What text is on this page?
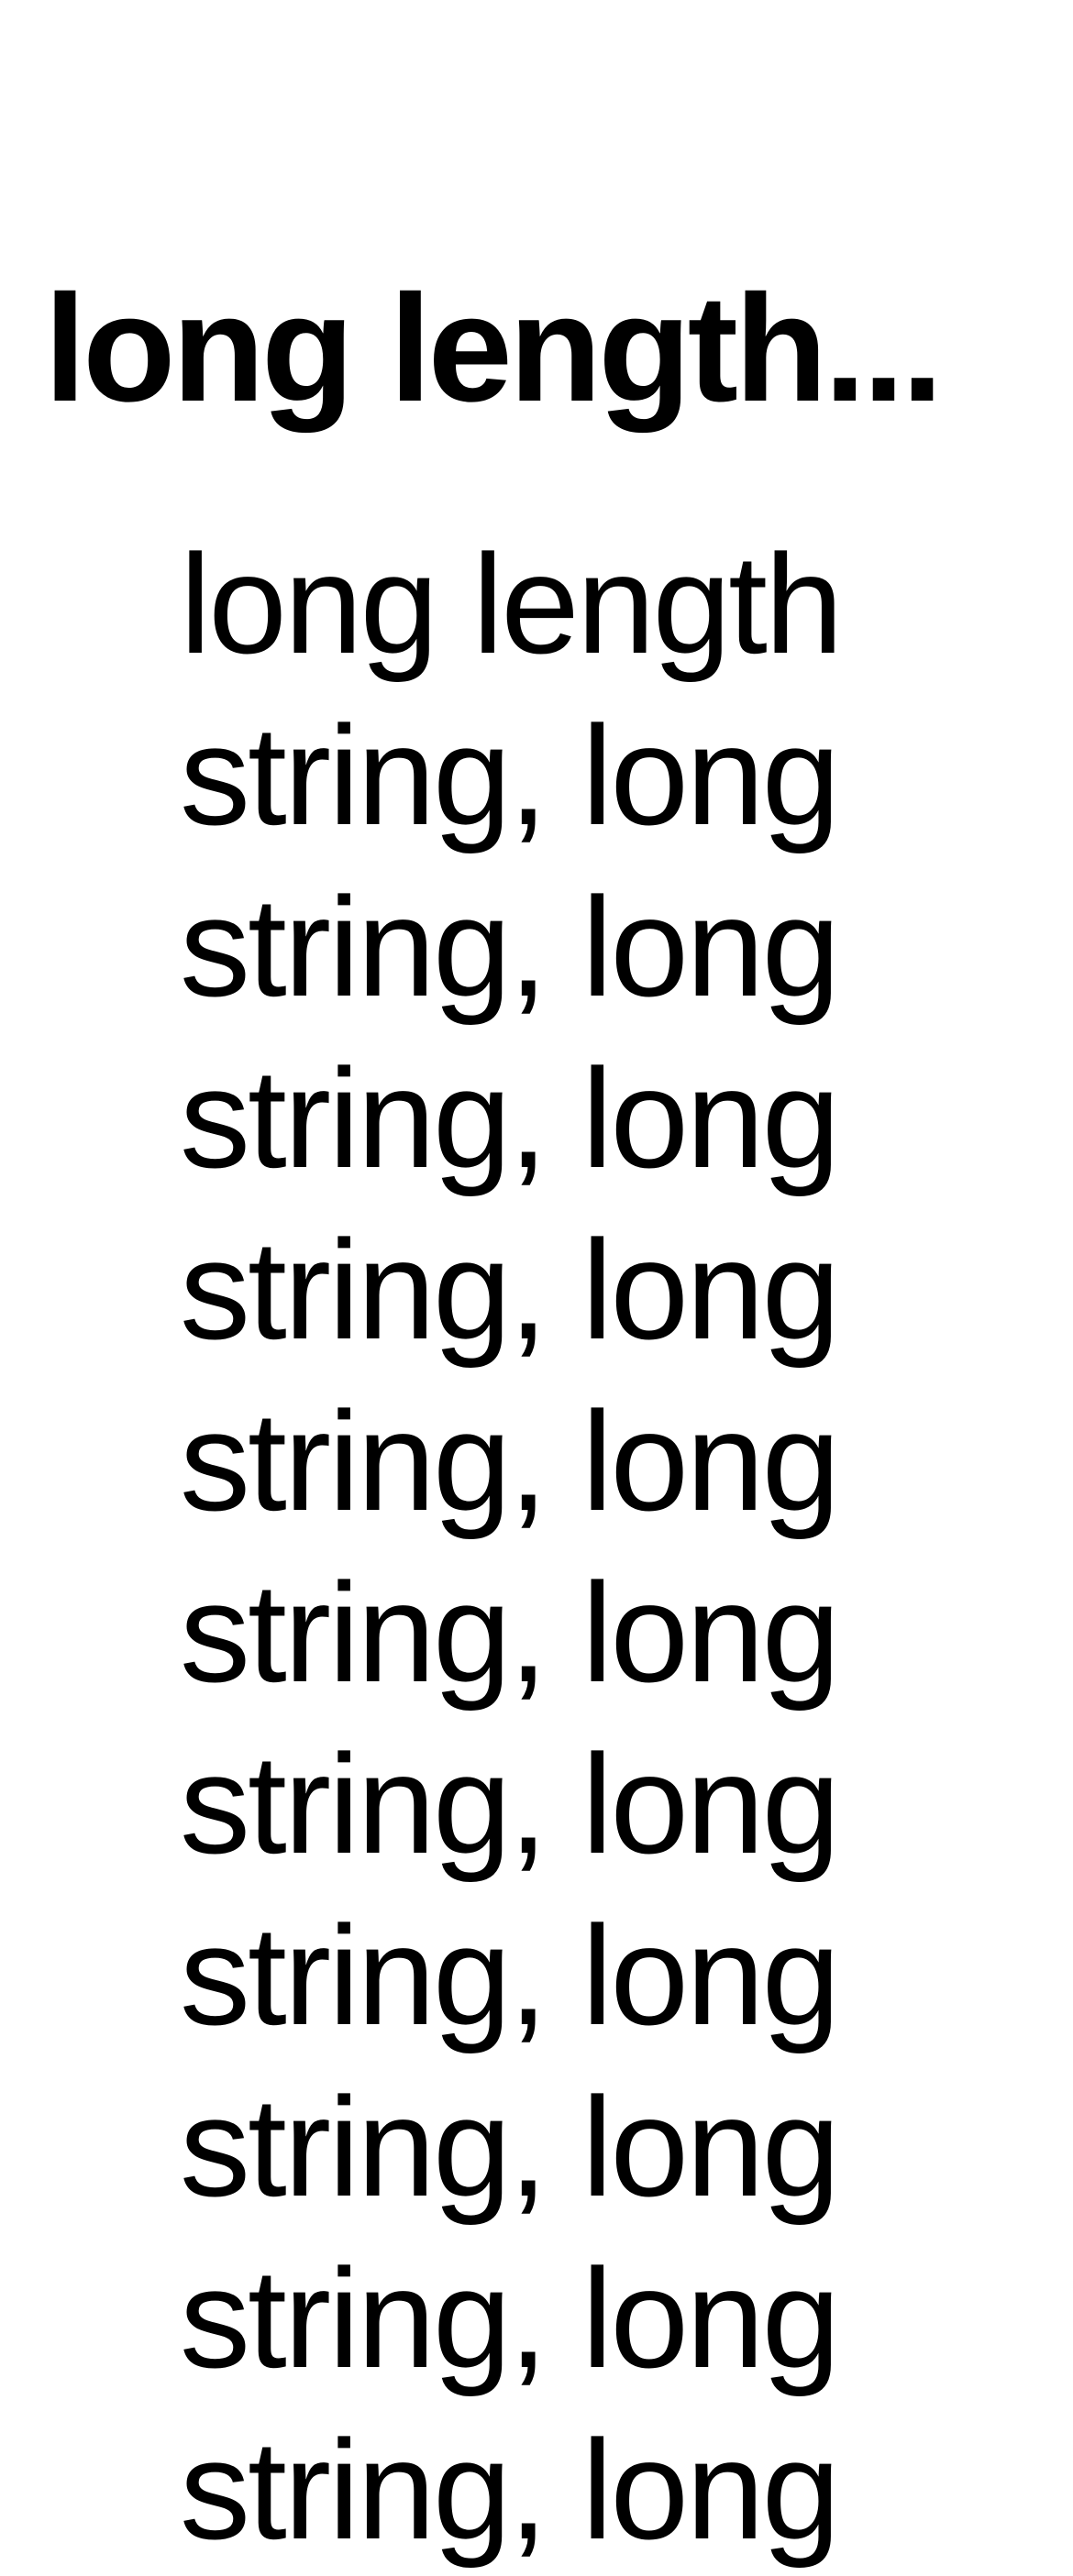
long length...

long length string, long string, long string, long string, long string, long string, long string, long string, long string, long string, long string, long
